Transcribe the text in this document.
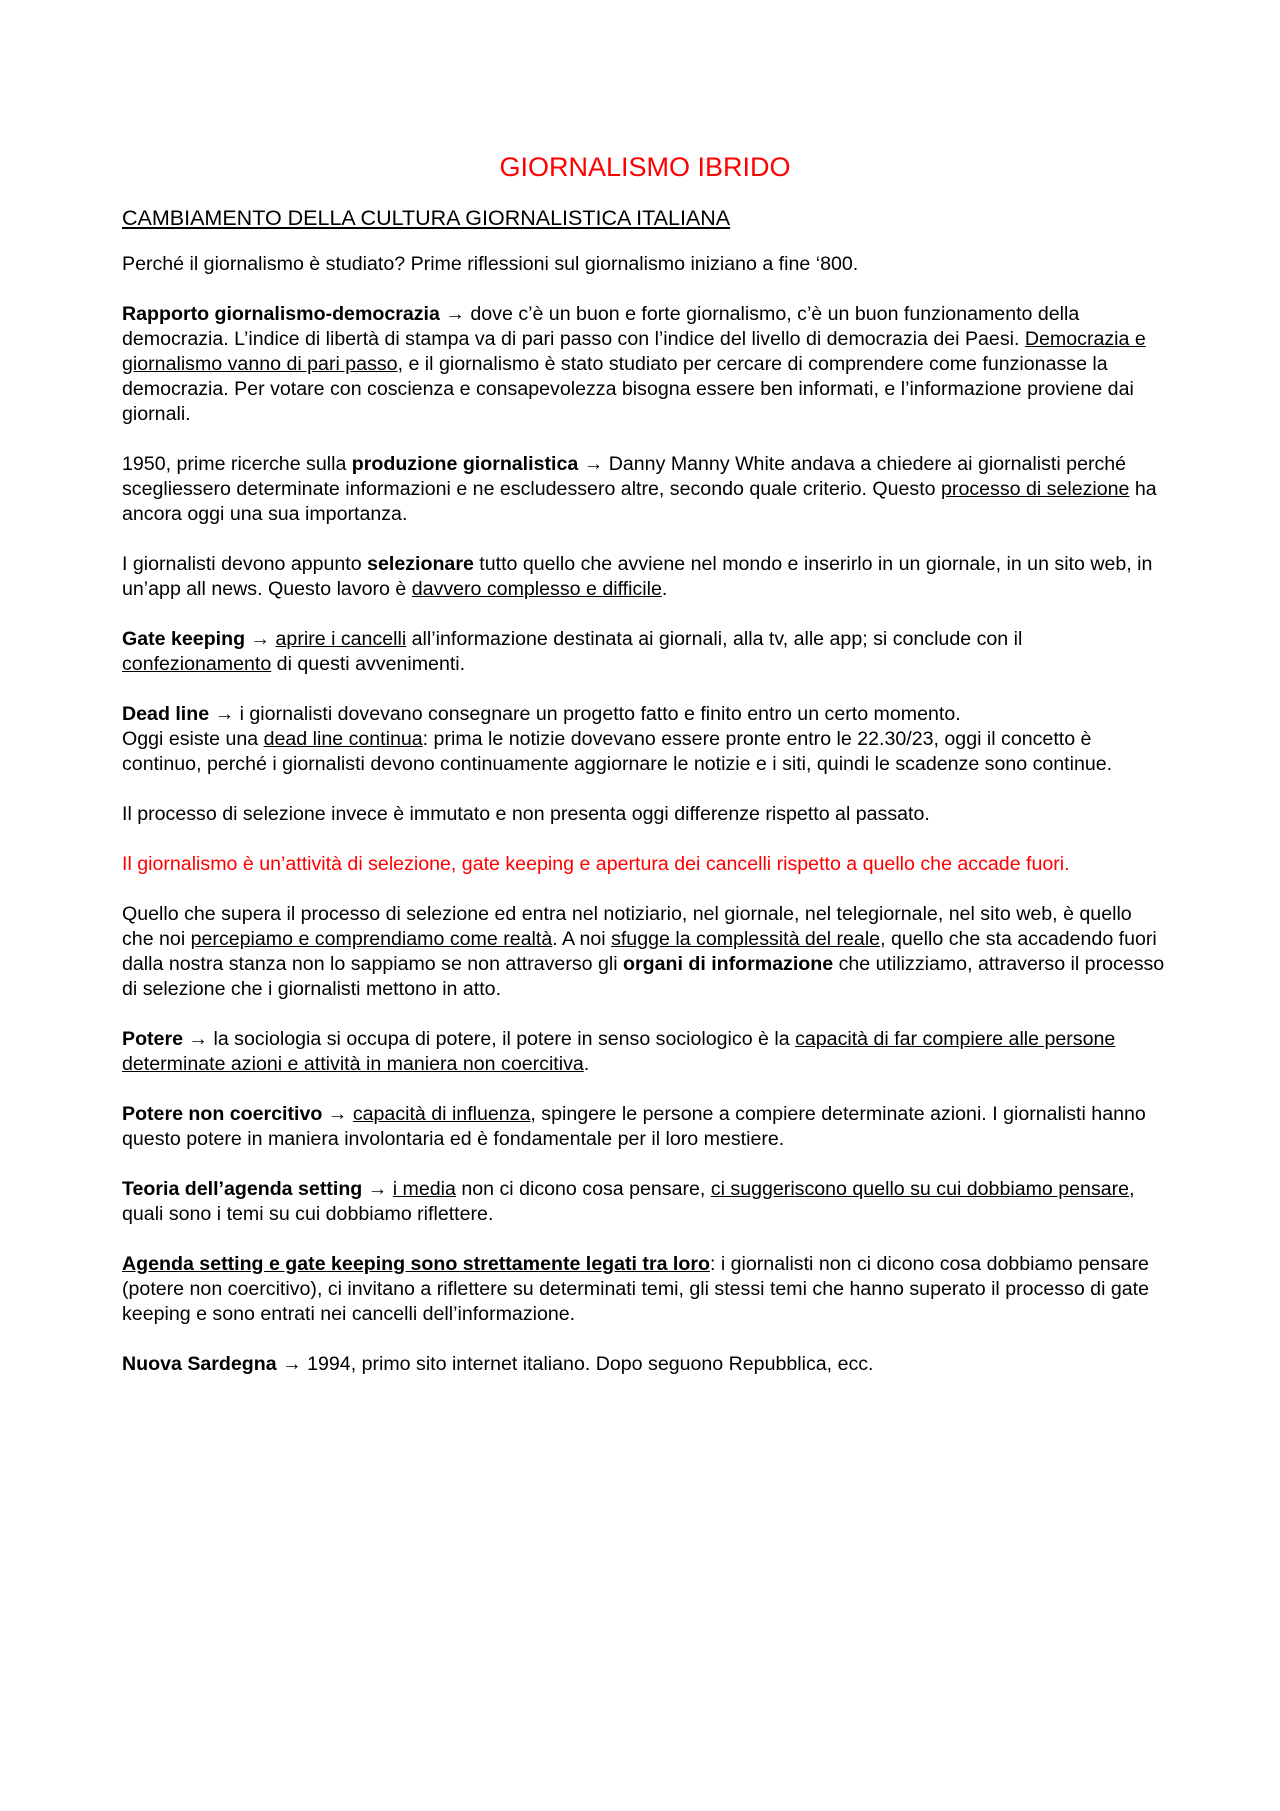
GIORNALISMO IBRIDO
CAMBIAMENTO DELLA CULTURA GIORNALISTICA ITALIANA

Perché il giornalismo è studiato? Prime riflessioni sul giornalismo iniziano a fine ‘800.

Rapporto giornalismo-democrazia → dove c’è un buon e forte giornalismo, c’è un buon funzionamento della democrazia. L’indice di libertà di stampa va di pari passo con l’indice del livello di democrazia dei Paesi. Democrazia e giornalismo vanno di pari passo, e il giornalismo è stato studiato per cercare di comprendere come funzionasse la democrazia. Per votare con coscienza e consapevolezza bisogna essere ben informati, e l’informazione proviene dai giornali.

1950, prime ricerche sulla produzione giornalistica → Danny Manny White andava a chiedere ai giornalisti perché scegliessero determinate informazioni e ne escludessero altre, secondo quale criterio. Questo processo di selezione ha ancora oggi una sua importanza.

I giornalisti devono appunto selezionare tutto quello che avviene nel mondo e inserirlo in un giornale, in un sito web, in un’app all news. Questo lavoro è davvero complesso e difficile.

Gate keeping → aprire i cancelli all’informazione destinata ai giornali, alla tv, alle app; si conclude con il confezionamento di questi avvenimenti.

Dead line → i giornalisti dovevano consegnare un progetto fatto e finito entro un certo momento.
Oggi esiste una dead line continua: prima le notizie dovevano essere pronte entro le 22.30/23, oggi il concetto è continuo, perché i giornalisti devono continuamente aggiornare le notizie e i siti, quindi le scadenze sono continue.

Il processo di selezione invece è immutato e non presenta oggi differenze rispetto al passato.

Il giornalismo è un’attività di selezione, gate keeping e apertura dei cancelli rispetto a quello che accade fuori.

Quello che supera il processo di selezione ed entra nel notiziario, nel giornale, nel telegiornale, nel sito web, è quello che noi percepiamo e comprendiamo come realtà. A noi sfugge la complessità del reale, quello che sta accadendo fuori dalla nostra stanza non lo sappiamo se non attraverso gli organi di informazione che utilizziamo, attraverso il processo di selezione che i giornalisti mettono in atto.

Potere → la sociologia si occupa di potere, il potere in senso sociologico è la capacità di far compiere alle persone determinate azioni e attività in maniera non coercitiva.

Potere non coercitivo → capacità di influenza, spingere le persone a compiere determinate azioni. I giornalisti hanno questo potere in maniera involontaria ed è fondamentale per il loro mestiere.

Teoria dell’agenda setting → i media non ci dicono cosa pensare, ci suggeriscono quello su cui dobbiamo pensare, quali sono i temi su cui dobbiamo riflettere.

Agenda setting e gate keeping sono strettamente legati tra loro: i giornalisti non ci dicono cosa dobbiamo pensare (potere non coercitivo), ci invitano a riflettere su determinati temi, gli stessi temi che hanno superato il processo di gate keeping e sono entrati nei cancelli dell’informazione.

Nuova Sardegna → 1994, primo sito internet italiano. Dopo seguono Repubblica, ecc.
